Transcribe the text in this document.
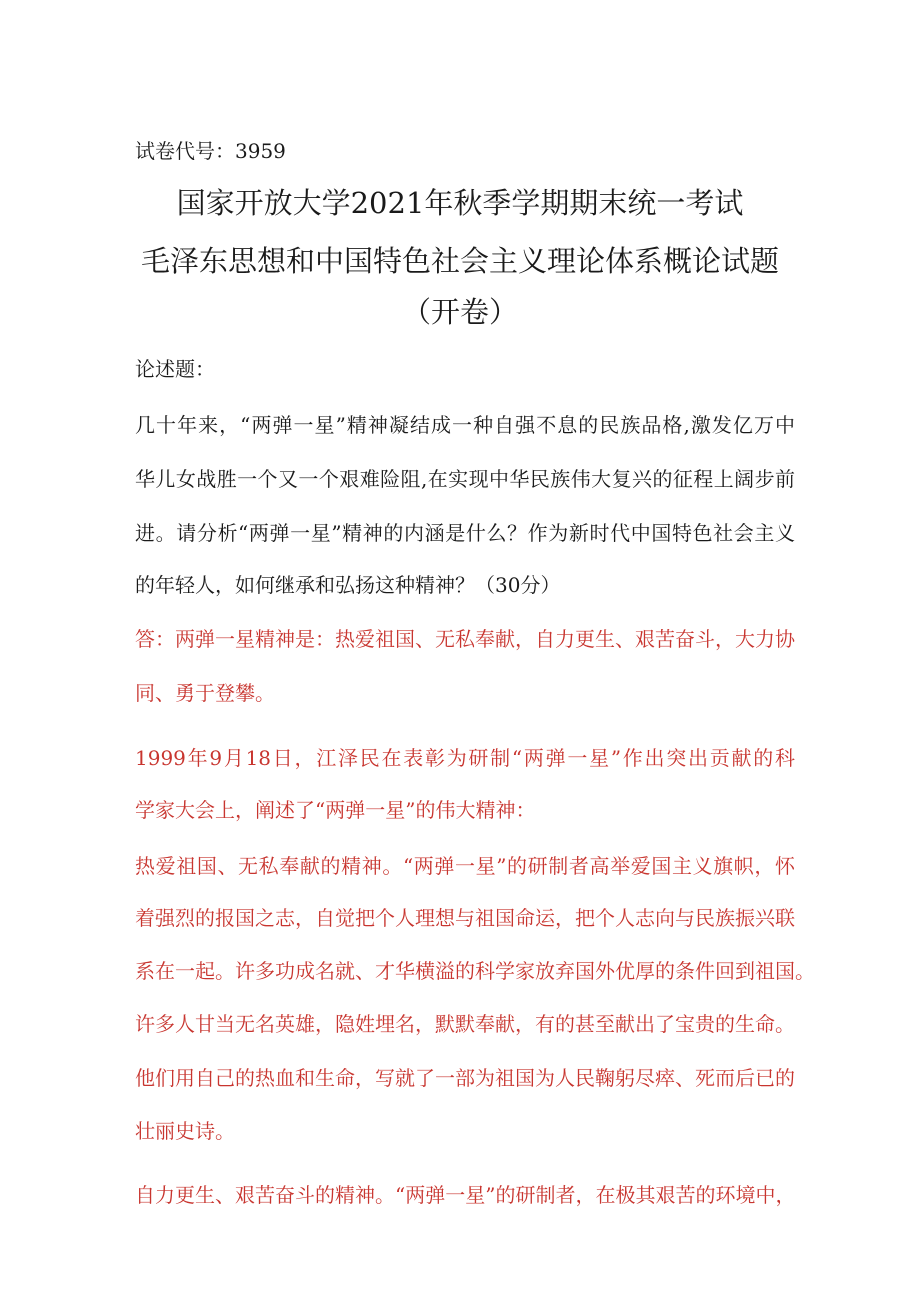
试卷代号：3959
国家开放大学2021年秋季学期期末统一考试
毛泽东思想和中国特色社会主义理论体系概论试题
（开卷）
论述题：
几十年来，“两弹一星”精神凝结成一种自强不息的民族品格,激发亿万中
华儿女战胜一个又一个艰难险阻,在实现中华民族伟大复兴的征程上阔步前
进。请分析“两弹一星”精神的内涵是什么？作为新时代中国特色社会主义
的年轻人，如何继承和弘扬这种精神？（30分）
答：两弹一星精神是：热爱祖国、无私奉献，自力更生、艰苦奋斗，大力协
同、勇于登攀。
1999年9月18日，江泽民在表彰为研制“两弹一星”作出突出贡献的科
学家大会上，阐述了“两弹一星”的伟大精神：
热爱祖国、无私奉献的精神。“两弹一星”的研制者高举爱国主义旗帜，怀
着强烈的报国之志，自觉把个人理想与祖国命运，把个人志向与民族振兴联
系在一起。许多功成名就、才华横溢的科学家放弃国外优厚的条件回到祖国。
许多人甘当无名英雄，隐姓埋名，默默奉献，有的甚至献出了宝贵的生命。
他们用自己的热血和生命，写就了一部为祖国为人民鞠躬尽瘁、死而后已的
壮丽史诗。
自力更生、艰苦奋斗的精神。“两弹一星”的研制者，在极其艰苦的环境中，
